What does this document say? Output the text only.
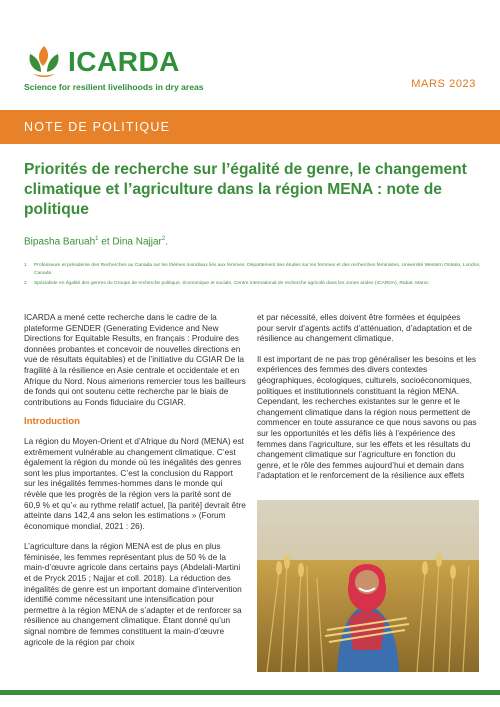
ICARDA
Science for resilient livelihoods in dry areas	MARS 2023
NOTE DE POLITIQUE
Priorités de recherche sur l’égalité de genre, le changement climatique et l’agriculture dans la région MENA : note de politique
Bipasha Baruah$^1$ et Dina Najjar$^2$.
1 Professeure et présidente des Recherches au Canada sur les thèmes mondiaux liés aux femmes. Département des études sur les femmes et des recherches féministes, Université Western Ontario, London, Canada
2 Spécialiste en égalité des genres du Groupe de recherche politique, économique et sociale, Centre international de recherche agricole dans les zones arides (ICARDA), Rabat, Maroc

ICARDA a mené cette recherche dans le cadre de la plateforme GENDER (Generating Evidence and New Directions for Equitable Results, en français : Produire des données probantes et concevoir de nouvelles directions en vue de résultats équitables) et de l’initiative du CGIAR De la fragilité à la résilience en Asie centrale et occidentale et en Afrique du Nord. Nous aimerions remercier tous les bailleurs de fonds qui ont soutenu cette recherche par le biais de contributions au Fonds fiduciaire du CGIAR.

Introduction

La région du Moyen-Orient et d’Afrique du Nord (MENA) est extrêmement vulnérable au changement climatique. C’est également la région du monde où les inégalités des genres sont les plus importantes. C’est la conclusion du Rapport sur les inégalités femmes-hommes dans le monde qui révèle que les progrès de la région vers la parité sont de 60,9 % et qu’« au rythme relatif actuel, [la parité] devrait être atteinte dans 142,4 ans selon les estimations » (Forum économique mondial, 2021 : 26).

L’agriculture dans la région MENA est de plus en plus féminisée, les femmes représentant plus de 50 % de la main-d’œuvre agricole dans certains pays (Abdelali-Martini et de Pryck 2015 ; Najjar et coll. 2018). La réduction des inégalités de genre est un important domaine d’intervention identifié comme nécessitant une intensification pour permettre à la région MENA de s’adapter et de renforcer sa résilience au changement climatique. Étant donné qu’un signal nombre de femmes constituent la main-d’œuvre agricole de la région par choix

et par nécessité, elles doivent être formées et équipées pour servir d’agents actifs d’atténuation, d’adaptation et de résilience au changement climatique.

Il est important de ne pas trop généraliser les besoins et les expériences des femmes des divers contextes géographiques, écologiques, culturels, socioéconomiques, politiques et institutionnels constituant la région MENA. Cependant, les recherches existantes sur le genre et le changement climatique dans la région nous permettent de commencer en toute assurance ce que nous savons ou pas sur les opportunités et les défis liés à l’expérience des femmes dans l’agriculture, sur les effets et les résultats du changement climatique sur l’agriculture en fonction du genre, et le rôle des femmes aujourd’hui et demain dans l’adaptation et le renforcement de la résilience aux effets
